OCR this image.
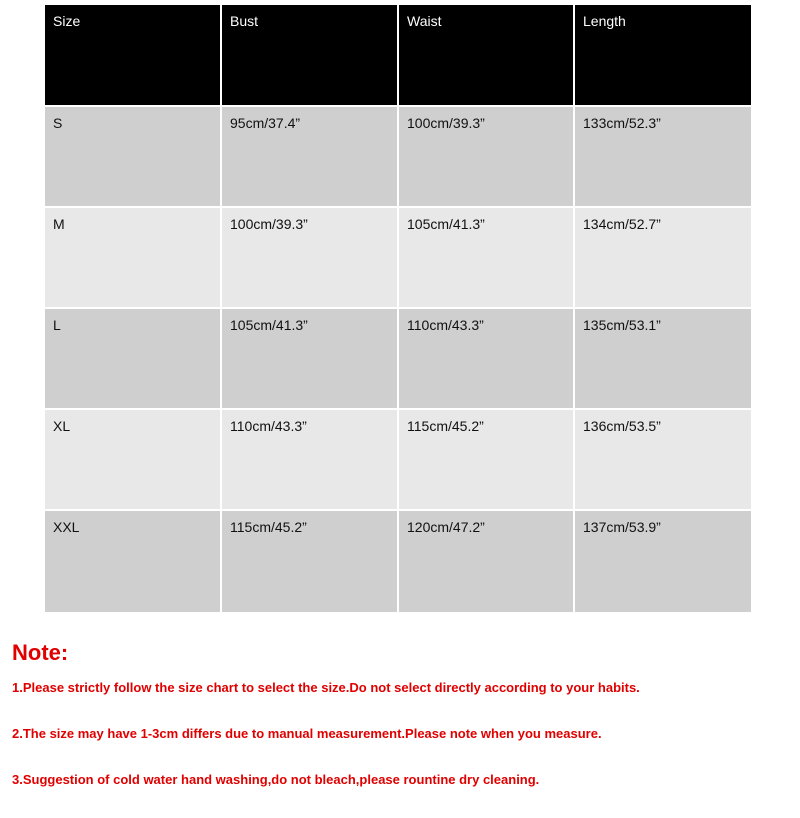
Size	Bust	Waist	Length
S	95cm/37.4”	100cm/39.3”	133cm/52.3”
M	100cm/39.3”	105cm/41.3”	134cm/52.7”
L	105cm/41.3”	110cm/43.3”	135cm/53.1”
XL	110cm/43.3”	115cm/45.2”	136cm/53.5”
XXL	115cm/45.2”	120cm/47.2”	137cm/53.9”
Note:
1.Please strictly follow the size chart to select the size.Do not select directly according to your habits.
2.The size may have 1-3cm differs due to manual measurement.Please note when you measure.
3.Suggestion of cold water hand washing,do not bleach,please rountine dry cleaning.
